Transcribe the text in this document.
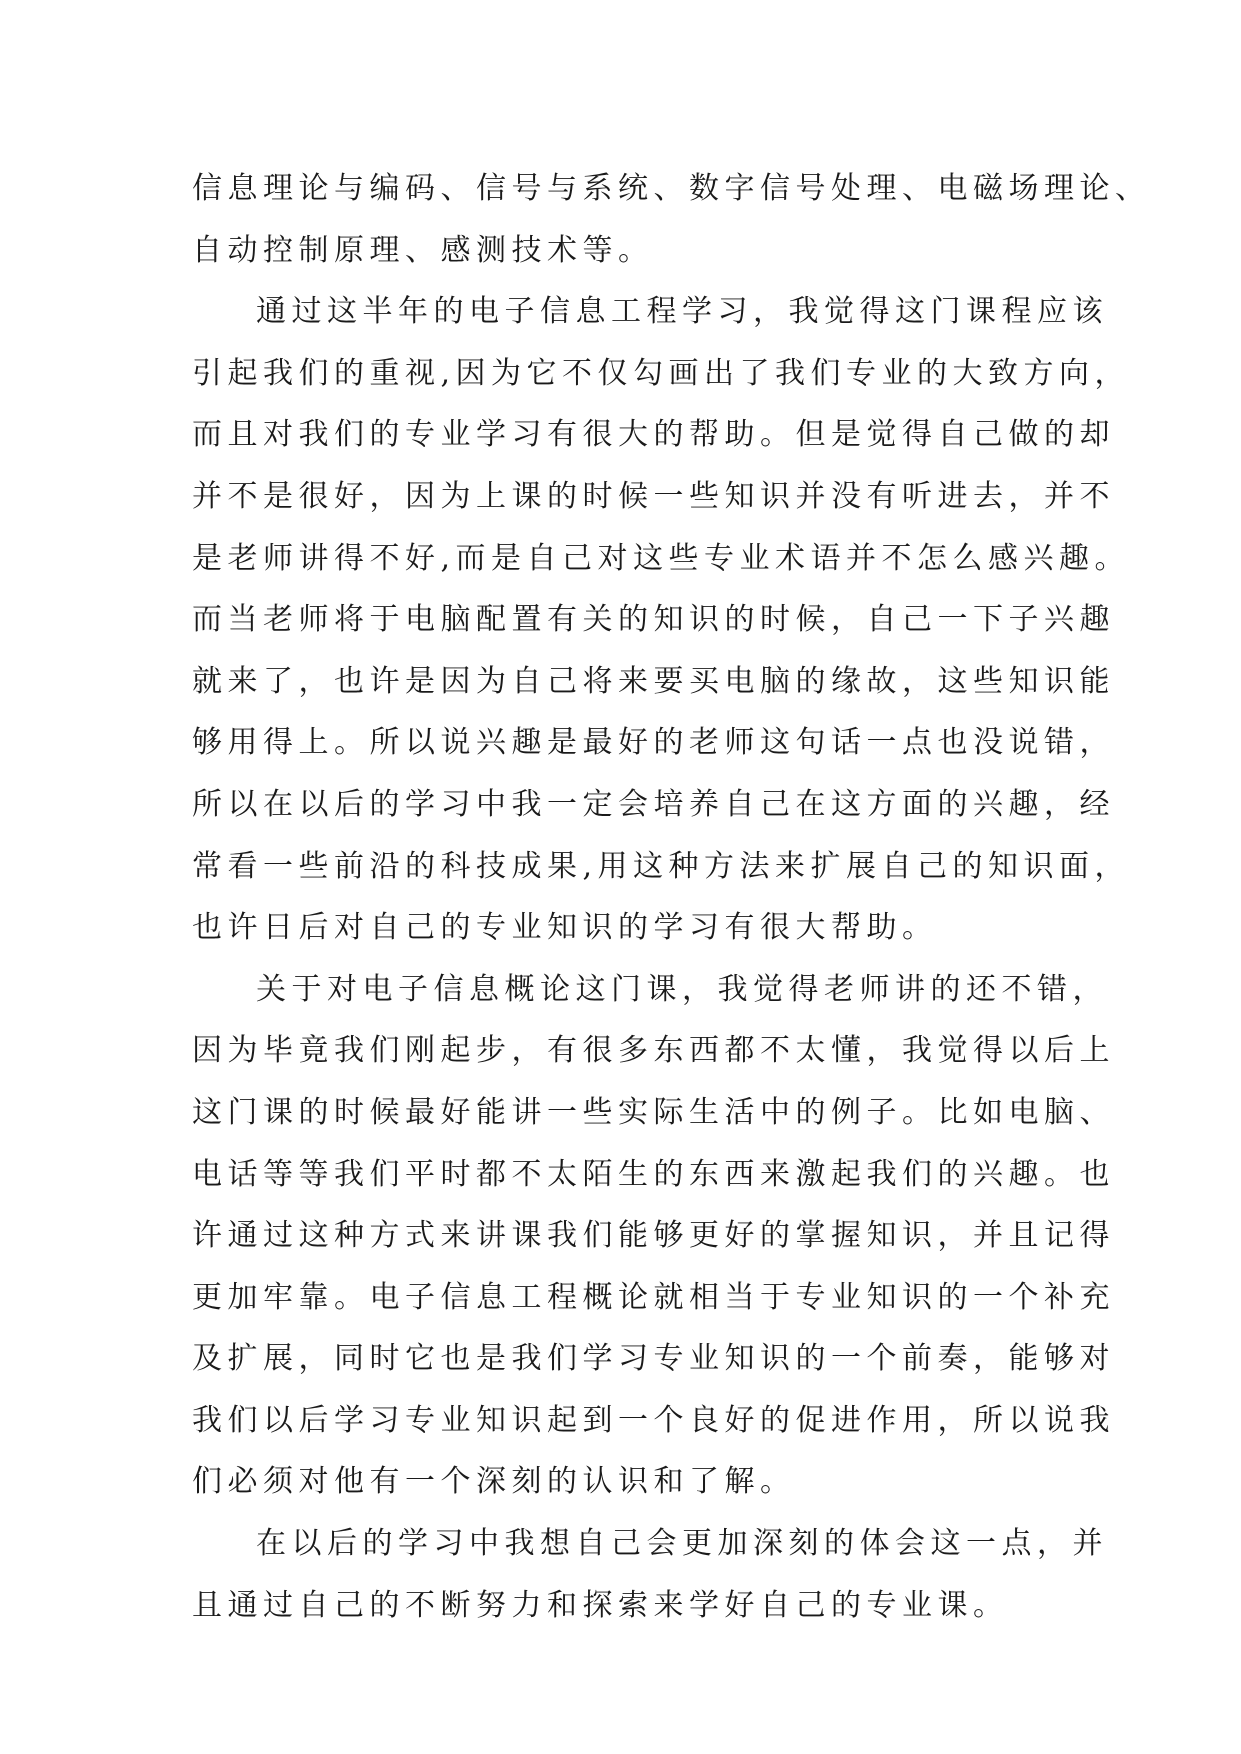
信息理论与编码、信号与系统、数字信号处理、电磁场理论、
自动控制原理、感测技术等。
通过这半年的电子信息工程学习，我觉得这门课程应该
引起我们的重视,因为它不仅勾画出了我们专业的大致方向，
而且对我们的专业学习有很大的帮助。但是觉得自己做的却
并不是很好，因为上课的时候一些知识并没有听进去，并不
是老师讲得不好,而是自己对这些专业术语并不怎么感兴趣。
而当老师将于电脑配置有关的知识的时候，自己一下子兴趣
就来了，也许是因为自己将来要买电脑的缘故，这些知识能
够用得上。所以说兴趣是最好的老师这句话一点也没说错，
所以在以后的学习中我一定会培养自己在这方面的兴趣，经
常看一些前沿的科技成果,用这种方法来扩展自己的知识面，
也许日后对自己的专业知识的学习有很大帮助。
关于对电子信息概论这门课，我觉得老师讲的还不错，
因为毕竟我们刚起步，有很多东西都不太懂，我觉得以后上
这门课的时候最好能讲一些实际生活中的例子。比如电脑、
电话等等我们平时都不太陌生的东西来激起我们的兴趣。也
许通过这种方式来讲课我们能够更好的掌握知识，并且记得
更加牢靠。电子信息工程概论就相当于专业知识的一个补充
及扩展，同时它也是我们学习专业知识的一个前奏，能够对
我们以后学习专业知识起到一个良好的促进作用，所以说我
们必须对他有一个深刻的认识和了解。
在以后的学习中我想自己会更加深刻的体会这一点，并
且通过自己的不断努力和探索来学好自己的专业课。
